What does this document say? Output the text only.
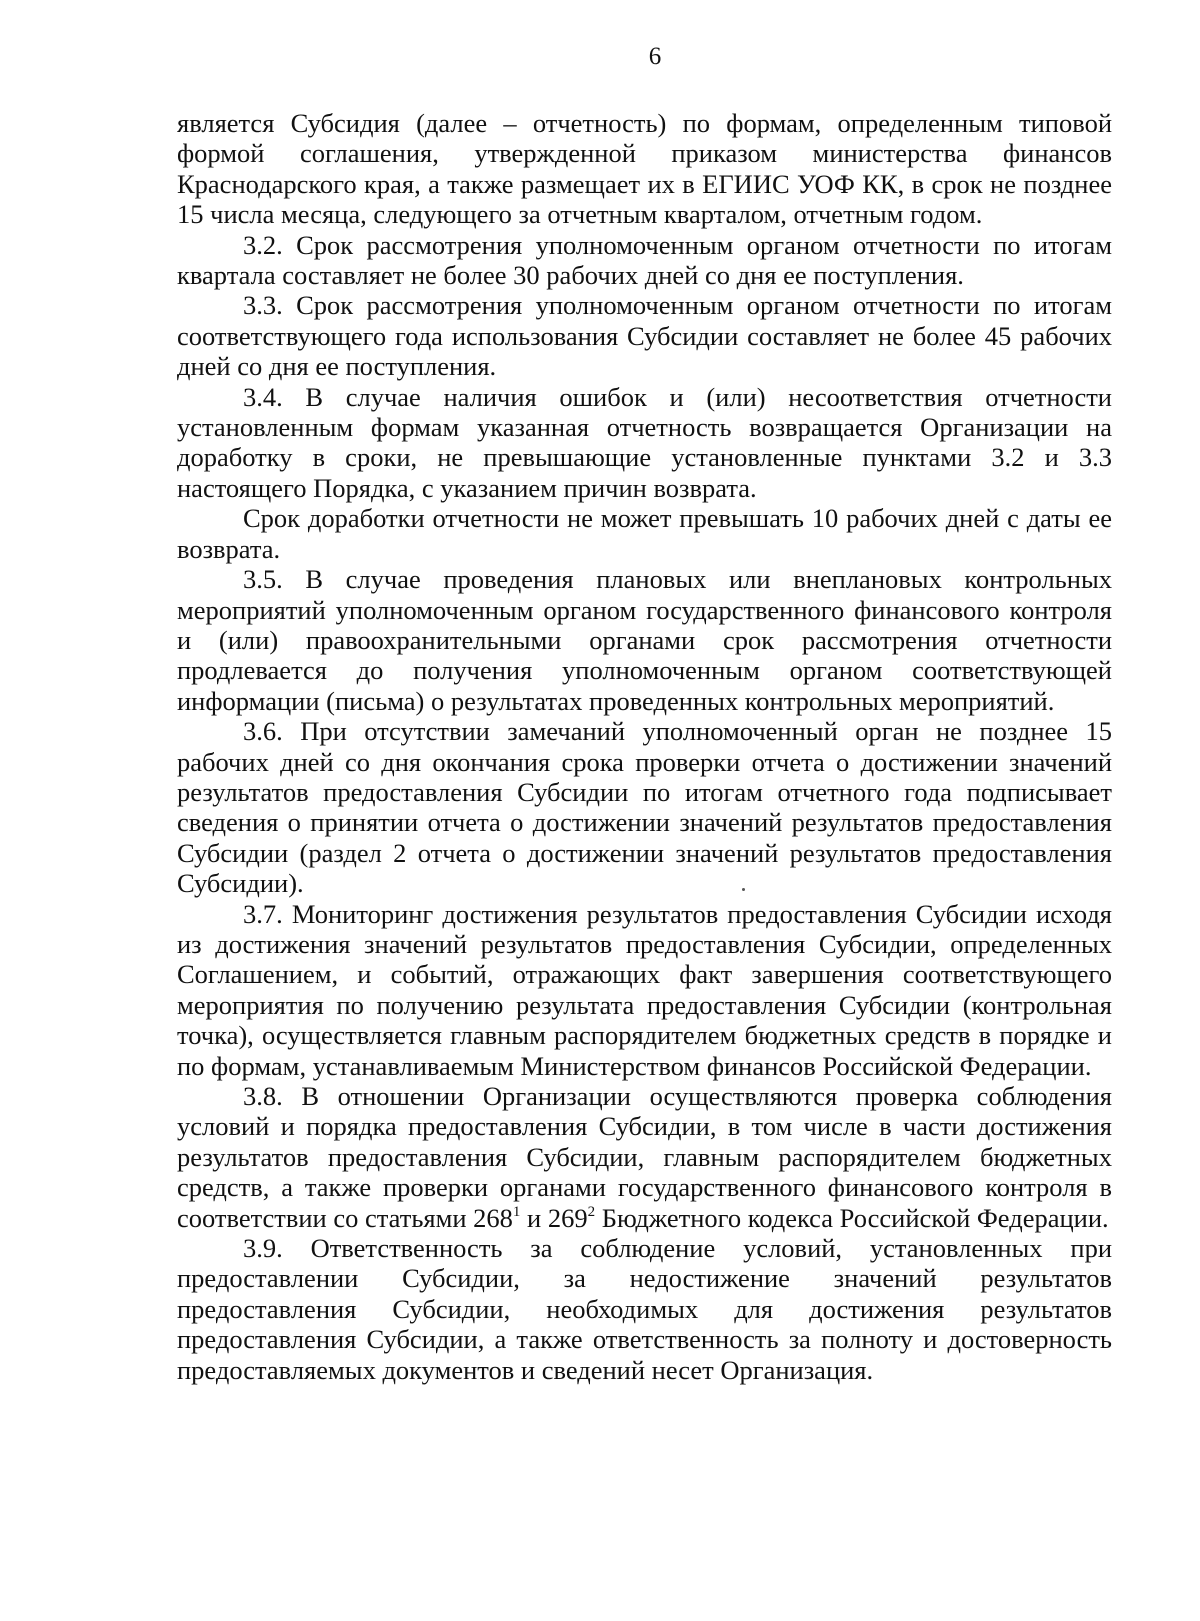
6

является Субсидия (далее – отчетность) по формам, определенным типовой формой соглашения, утвержденной приказом министерства финансов Краснодарского края, а также размещает их в ЕГИИС УОФ КК, в срок не позднее 15 числа месяца, следующего за отчетным кварталом, отчетным годом.

3.2. Срок рассмотрения уполномоченным органом отчетности по итогам квартала составляет не более 30 рабочих дней со дня ее поступления.

3.3. Срок рассмотрения уполномоченным органом отчетности по итогам соответствующего года использования Субсидии составляет не более 45 рабочих дней со дня ее поступления.

3.4. В случае наличия ошибок и (или) несоответствия отчетности установленным формам указанная отчетность возвращается Организации на доработку в сроки, не превышающие установленные пунктами 3.2 и 3.3 настоящего Порядка, с указанием причин возврата.

Срок доработки отчетности не может превышать 10 рабочих дней с даты ее возврата.

3.5. В случае проведения плановых или внеплановых контрольных мероприятий уполномоченным органом государственного финансового контроля и (или) правоохранительными органами срок рассмотрения отчетности продлевается до получения уполномоченным органом соответствующей информации (письма) о результатах проведенных контрольных мероприятий.

3.6. При отсутствии замечаний уполномоченный орган не позднее 15 рабочих дней со дня окончания срока проверки отчета о достижении значений результатов предоставления Субсидии по итогам отчетного года подписывает сведения о принятии отчета о достижении значений результатов предоставления Субсидии (раздел 2 отчета о достижении значений результатов предоставления Субсидии).

3.7. Мониторинг достижения результатов предоставления Субсидии исходя из достижения значений результатов предоставления Субсидии, определенных Соглашением, и событий, отражающих факт завершения соответствующего мероприятия по получению результата предоставления Субсидии (контрольная точка), осуществляется главным распорядителем бюджетных средств в порядке и по формам, устанавливаемым Министерством финансов Российской Федерации.

3.8. В отношении Организации осуществляются проверка соблюдения условий и порядка предоставления Субсидии, в том числе в части достижения результатов предоставления Субсидии, главным распорядителем бюджетных средств, а также проверки органами государственного финансового контроля в соответствии со статьями $268^1$ и $269^2$ Бюджетного кодекса Российской Федерации.

3.9. Ответственность за соблюдение условий, установленных при предоставлении Субсидии, за недостижение значений результатов предоставления Субсидии, необходимых для достижения результатов предоставления Субсидии, а также ответственность за полноту и достоверность предоставляемых документов и сведений несет Организация.
